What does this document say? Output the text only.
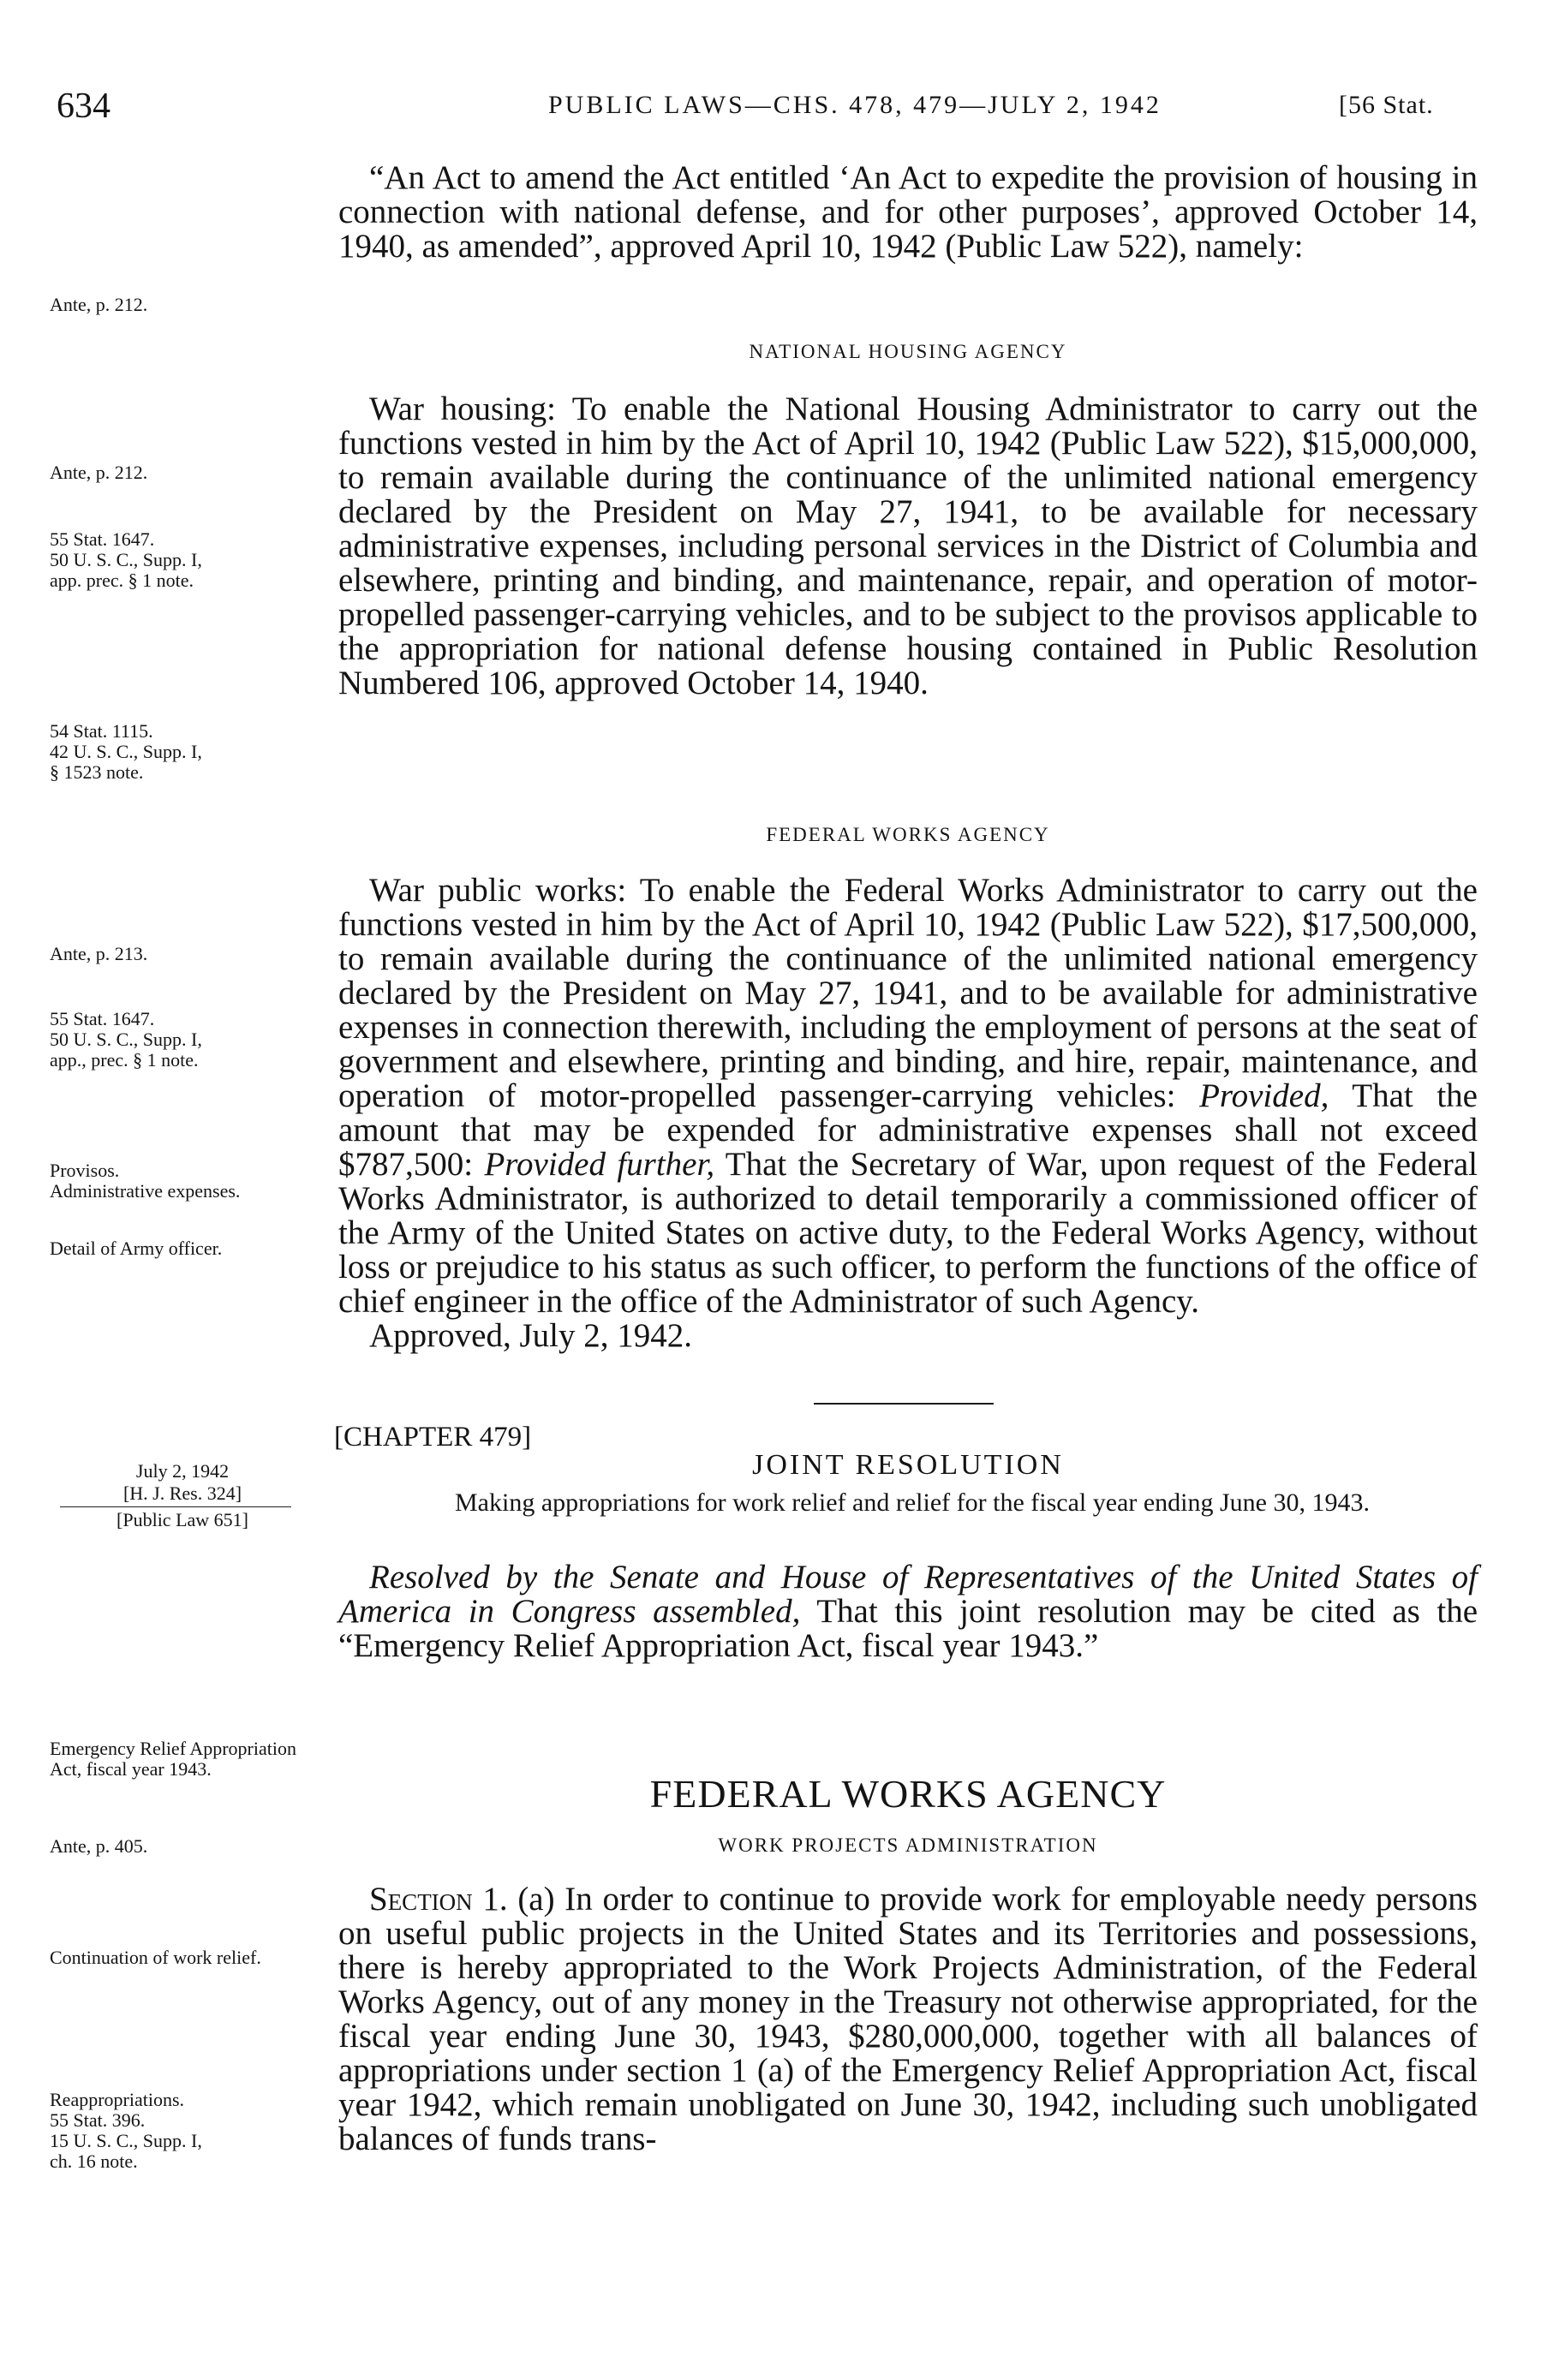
634	PUBLIC LAWS—CHS. 478, 479—JULY 2, 1942	[56 Stat.
Ante, p. 212.
Ante, p. 212.
55 Stat. 1647.
50 U. S. C., Supp. I,
app. prec. § 1 note.
54 Stat. 1115.
42 U. S. C., Supp. I,
§ 1523 note.
Ante, p. 213.
55 Stat. 1647.
50 U. S. C., Supp. I,
app., prec. § 1 note.
Provisos.
Administrative expenses.
Detail of Army officer.
July 2, 1942
[H. J. Res. 324]
[Public Law 651]
Emergency Relief Appropriation Act, fiscal year 1943.
Ante, p. 405.
Continuation of work relief.
Reappropriations.
55 Stat. 396.
15 U. S. C., Supp. I,
ch. 16 note.

“An Act to amend the Act entitled ‘An Act to expedite the provision of housing in connection with national defense, and for other purposes’, approved October 14, 1940, as amended”, approved April 10, 1942 (Public Law 522), namely:

NATIONAL HOUSING AGENCY

War housing: To enable the National Housing Administrator to carry out the functions vested in him by the Act of April 10, 1942 (Public Law 522), $15,000,000, to remain available during the continuance of the unlimited national emergency declared by the President on May 27, 1941, to be available for necessary administrative expenses, including personal services in the District of Columbia and elsewhere, printing and binding, and maintenance, repair, and operation of motor-propelled passenger-carrying vehicles, and to be subject to the provisos applicable to the appropriation for national defense housing contained in Public Resolution Numbered 106, approved October 14, 1940.

FEDERAL WORKS AGENCY

War public works: To enable the Federal Works Administrator to carry out the functions vested in him by the Act of April 10, 1942 (Public Law 522), $17,500,000, to remain available during the continuance of the unlimited national emergency declared by the President on May 27, 1941, and to be available for administrative expenses in connection therewith, including the employment of persons at the seat of government and elsewhere, printing and binding, and hire, repair, maintenance, and operation of motor-propelled passenger-carrying vehicles: Provided, That the amount that may be expended for administrative expenses shall not exceed $787,500: Provided further, That the Secretary of War, upon request of the Federal Works Administrator, is authorized to detail temporarily a commissioned officer of the Army of the United States on active duty, to the Federal Works Agency, without loss or prejudice to his status as such officer, to perform the functions of the office of chief engineer in the office of the Administrator of such Agency.

Approved, July 2, 1942.

[CHAPTER 479]
JOINT RESOLUTION
Making appropriations for work relief and relief for the fiscal year ending June 30, 1943.

Resolved by the Senate and House of Representatives of the United States of America in Congress assembled, That this joint resolution may be cited as the “Emergency Relief Appropriation Act, fiscal year 1943.”

FEDERAL WORKS AGENCY
WORK PROJECTS ADMINISTRATION

Section 1. (a) In order to continue to provide work for employable needy persons on useful public projects in the United States and its Territories and possessions, there is hereby appropriated to the Work Projects Administration, of the Federal Works Agency, out of any money in the Treasury not otherwise appropriated, for the fiscal year ending June 30, 1943, $280,000,000, together with all balances of appropriations under section 1 (a) of the Emergency Relief Appropriation Act, fiscal year 1942, which remain unobligated on June 30, 1942, including such unobligated balances of funds trans-
